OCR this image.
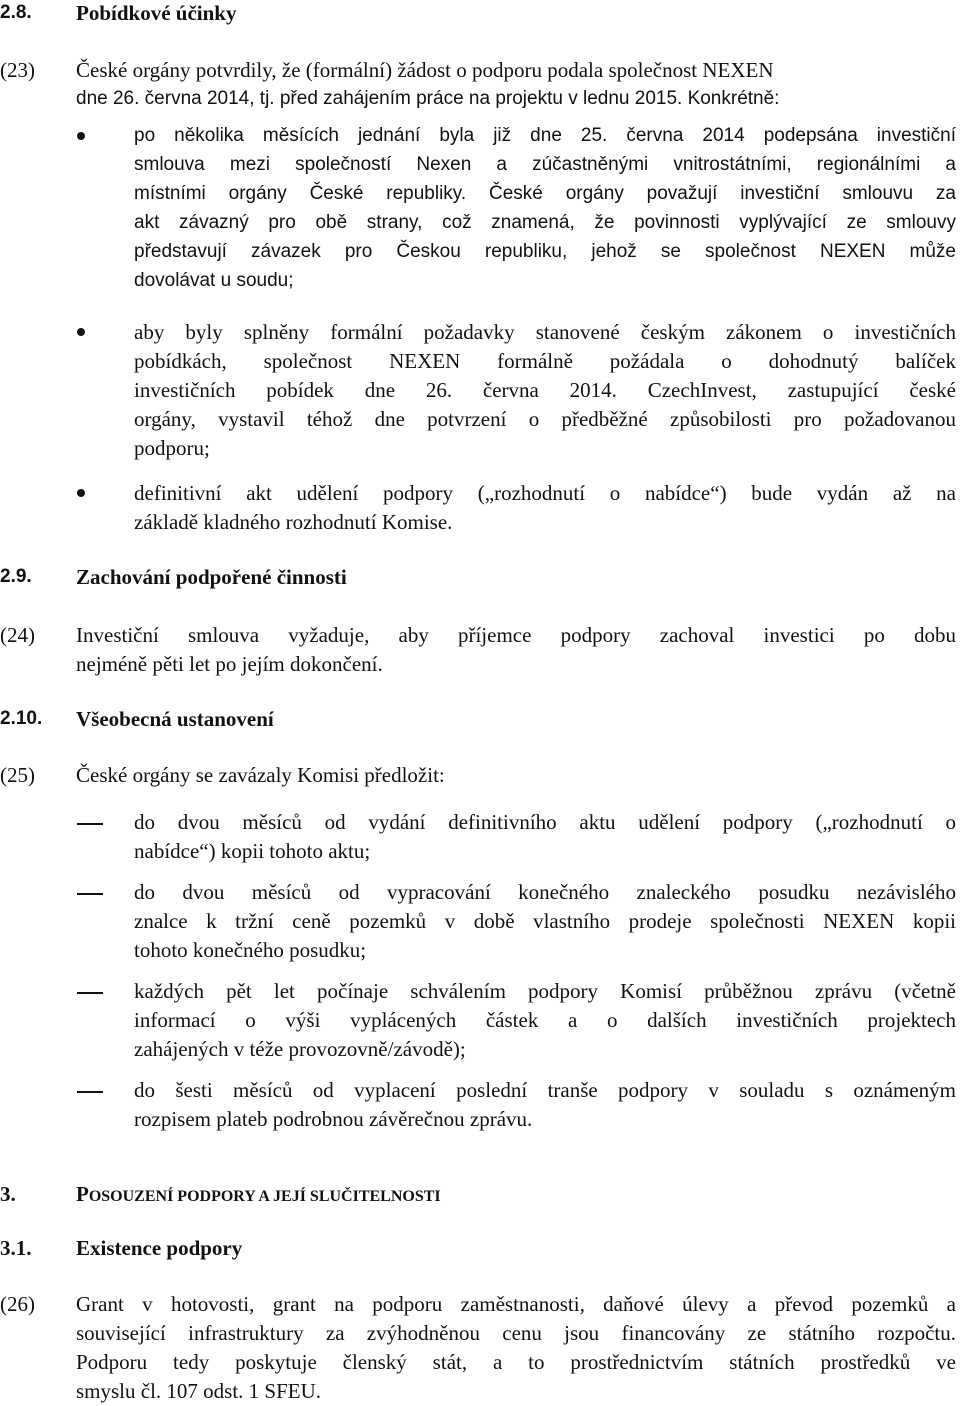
2.8. Pobídkové účinky
(23) České orgány potvrdily, že (formální) žádost o podporu podala společnost NEXEN
dne 26. června 2014, tj. před zahájením práce na projektu v lednu 2015. Konkrétně:
po několika měsících jednání byla již dne 25. června 2014 podepsána investiční
smlouva mezi společností Nexen a zúčastněnými vnitrostátními, regionálními a
místními orgány České republiky. České orgány považují investiční smlouvu za
akt závazný pro obě strany, což znamená, že povinnosti vyplývající ze smlouvy
představují závazek pro Českou republiku, jehož se společnost NEXEN může
dovolávat u soudu;
aby byly splněny formální požadavky stanovené českým zákonem o investičních
pobídkách, společnost NEXEN formálně požádala o dohodnutý balíček
investičních pobídek dne 26. června 2014. CzechInvest, zastupující české
orgány, vystavil téhož dne potvrzení o předběžné způsobilosti pro požadovanou
podporu;
definitivní akt udělení podpory („rozhodnutí o nabídce“) bude vydán až na
základě kladného rozhodnutí Komise.
2.9. Zachování podpořené činnosti
(24) Investiční smlouva vyžaduje, aby příjemce podpory zachoval investici po dobu
nejméně pěti let po jejím dokončení.
2.10. Všeobecná ustanovení
(25) České orgány se zavázaly Komisi předložit:
do dvou měsíců od vydání definitivního aktu udělení podpory („rozhodnutí o
nabídce“) kopii tohoto aktu;
do dvou měsíců od vypracování konečného znaleckého posudku nezávislého
znalce k tržní ceně pozemků v době vlastního prodeje společnosti NEXEN kopii
tohoto konečného posudku;
každých pět let počínaje schválením podpory Komisí průběžnou zprávu (včetně
informací o výši vyplácených částek a o dalších investičních projektech
zahájených v téže provozovně/závodě);
do šesti měsíců od vyplacení poslední tranše podpory v souladu s oznámeným
rozpisem plateb podrobnou závěrečnou zprávu.
3.	POSOUZENÍ PODPORY A JEJÍ SLUČITELNOSTI
3.1. Existence podpory
(26) Grant v hotovosti, grant na podporu zaměstnanosti, daňové úlevy a převod pozemků a
související infrastruktury za zvýhodněnou cenu jsou financovány ze státního rozpočtu.
Podporu tedy poskytuje členský stát, a to prostřednictvím státních prostředků ve
smyslu čl. 107 odst. 1 SFEU.
